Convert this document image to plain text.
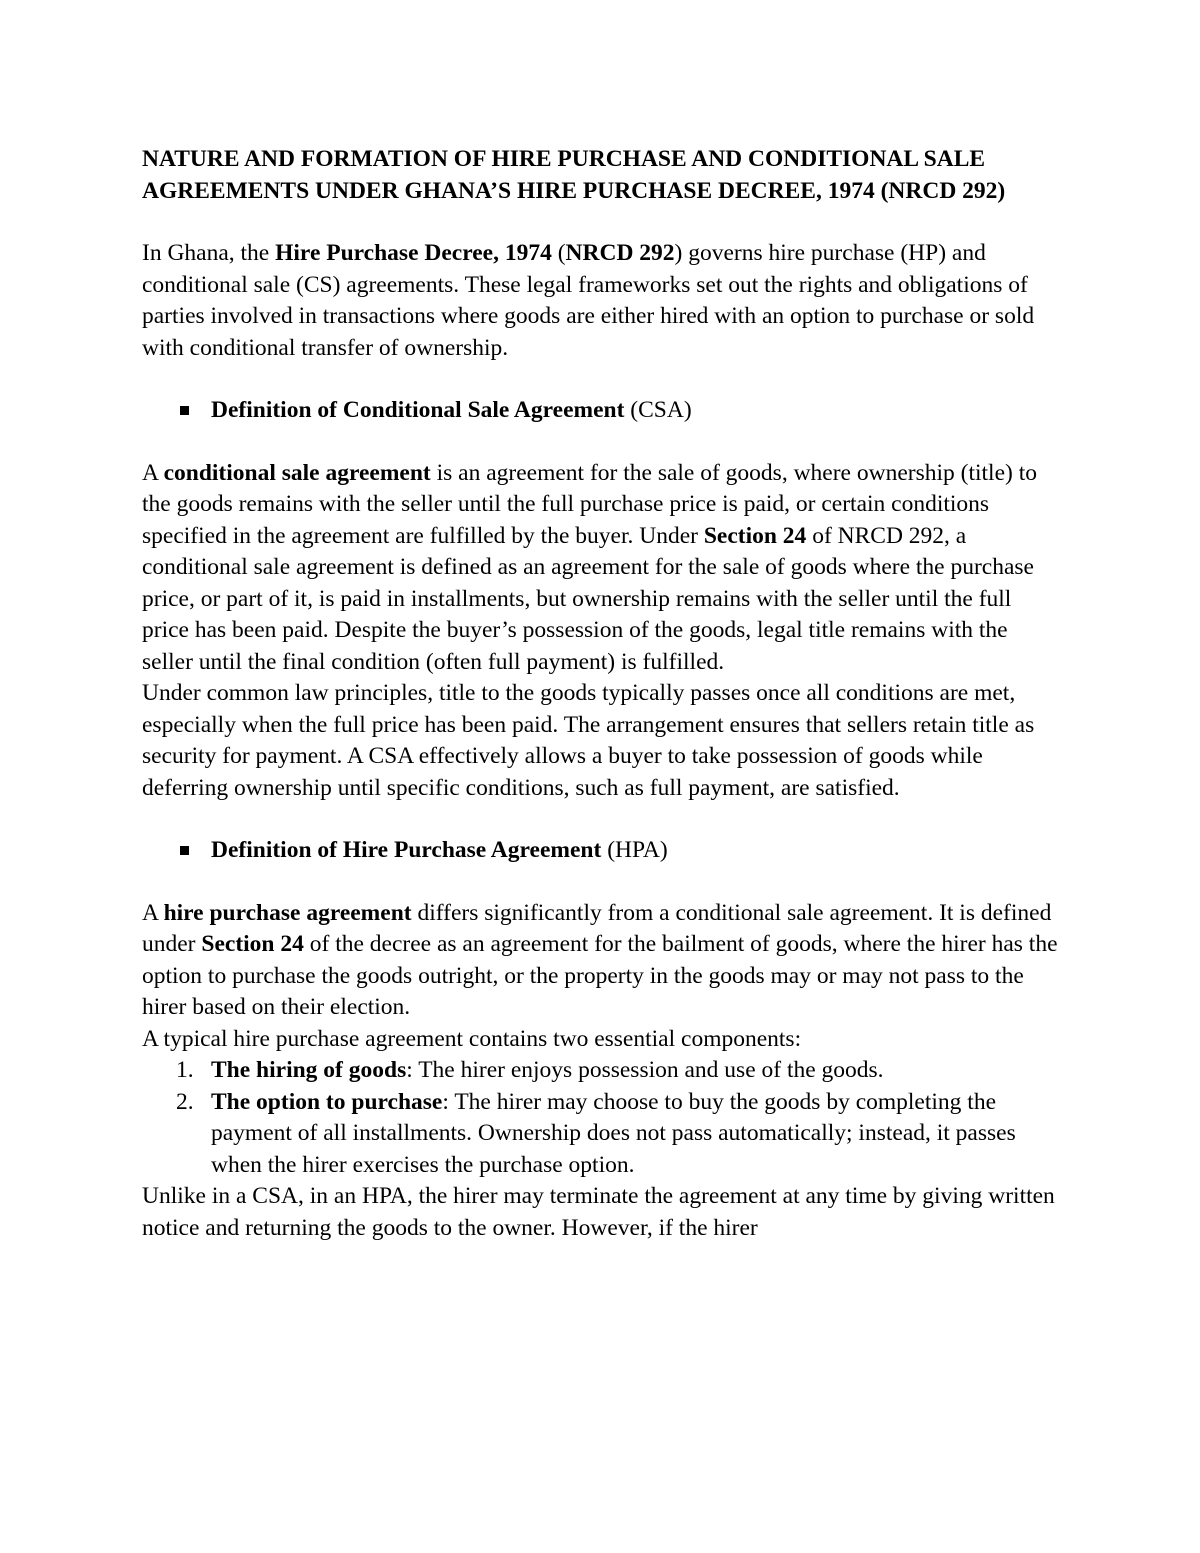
NATURE AND FORMATION OF HIRE PURCHASE AND CONDITIONAL SALE AGREEMENTS UNDER GHANA’S HIRE PURCHASE DECREE, 1974 (NRCD 292)

In Ghana, the Hire Purchase Decree, 1974 (NRCD 292) governs hire purchase (HP) and conditional sale (CS) agreements. These legal frameworks set out the rights and obligations of parties involved in transactions where goods are either hired with an option to purchase or sold with conditional transfer of ownership.

Definition of Conditional Sale Agreement (CSA)

A conditional sale agreement is an agreement for the sale of goods, where ownership (title) to the goods remains with the seller until the full purchase price is paid, or certain conditions specified in the agreement are fulfilled by the buyer. Under Section 24 of NRCD 292, a conditional sale agreement is defined as an agreement for the sale of goods where the purchase price, or part of it, is paid in installments, but ownership remains with the seller until the full price has been paid. Despite the buyer’s possession of the goods, legal title remains with the seller until the final condition (often full payment) is fulfilled.

Under common law principles, title to the goods typically passes once all conditions are met, especially when the full price has been paid. The arrangement ensures that sellers retain title as security for payment. A CSA effectively allows a buyer to take possession of goods while deferring ownership until specific conditions, such as full payment, are satisfied.

Definition of Hire Purchase Agreement (HPA)

A hire purchase agreement differs significantly from a conditional sale agreement. It is defined under Section 24 of the decree as an agreement for the bailment of goods, where the hirer has the option to purchase the goods outright, or the property in the goods may or may not pass to the hirer based on their election.

A typical hire purchase agreement contains two essential components:

1. The hiring of goods: The hirer enjoys possession and use of the goods.
2. The option to purchase: The hirer may choose to buy the goods by completing the payment of all installments. Ownership does not pass automatically; instead, it passes when the hirer exercises the purchase option.

Unlike in a CSA, in an HPA, the hirer may terminate the agreement at any time by giving written notice and returning the goods to the owner. However, if the hirer
